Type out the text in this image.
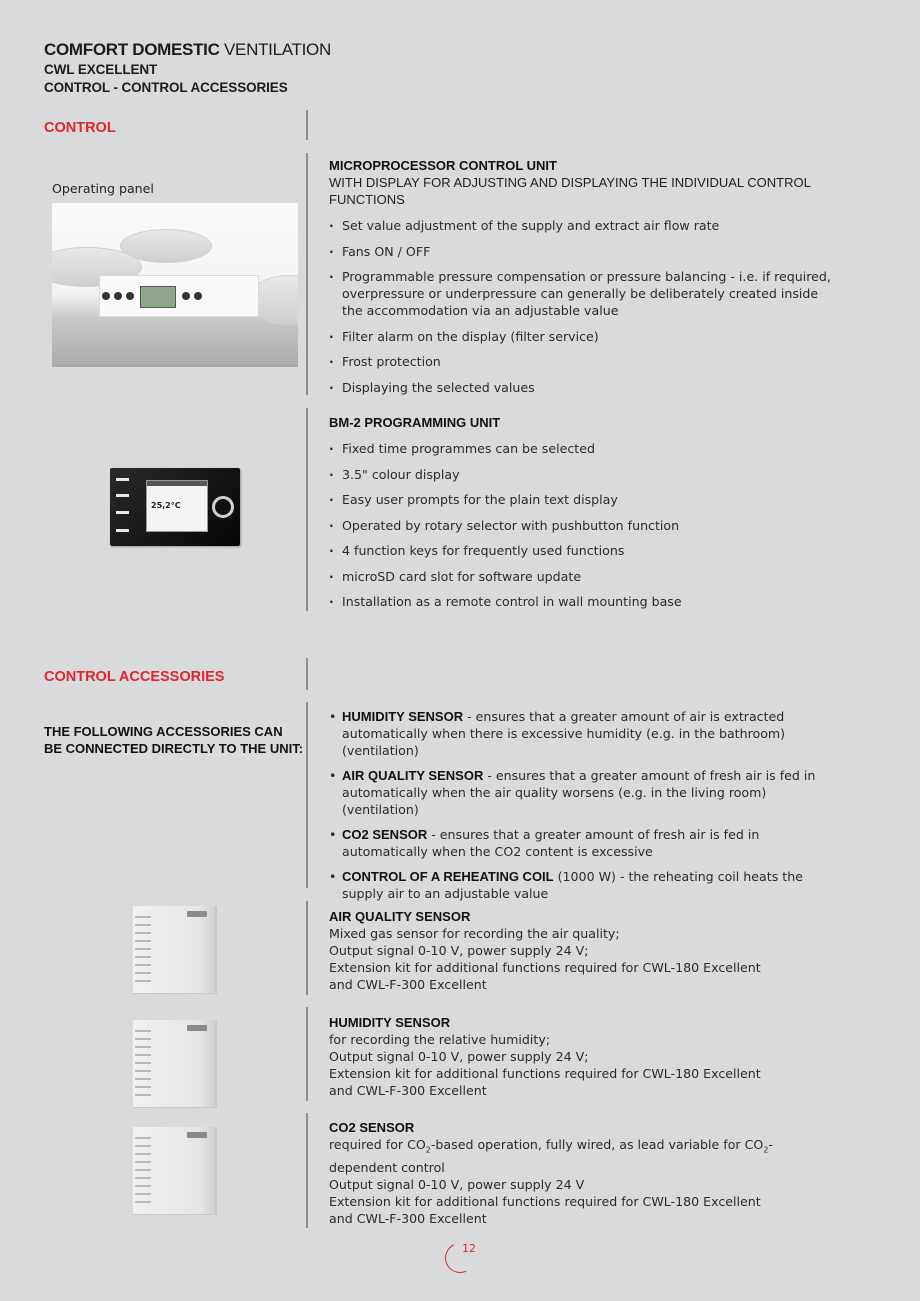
COMFORT DOMESTIC VENTILATION
CWL EXCELLENT
CONTROL - CONTROL ACCESSORIES
CONTROL
Operating panel
MICROPROCESSOR CONTROL UNIT
WITH DISPLAY FOR ADJUSTING AND DISPLAYING THE INDIVIDUAL CONTROL FUNCTIONS
· Set value adjustment of the supply and extract air flow rate
· Fans ON / OFF
· Programmable pressure compensation or pressure balancing - i.e. if required, overpressure or underpressure can generally be deliberately created inside the accommodation via an adjustable value
· Filter alarm on the display (filter service)
· Frost protection
· Displaying the selected values
25,2°C
BM-2 PROGRAMMING UNIT
· Fixed time programmes can be selected
· 3.5" colour display
· Easy user prompts for the plain text display
· Operated by rotary selector with pushbutton function
· 4 function keys for frequently used functions
· microSD card slot for software update
· Installation as a remote control in wall mounting base
CONTROL ACCESSORIES
THE FOLLOWING ACCESSORIES CAN BE CONNECTED DIRECTLY TO THE UNIT:
• HUMIDITY SENSOR - ensures that a greater amount of air is extracted automatically when there is excessive humidity (e.g. in the bathroom) (ventilation)
• AIR QUALITY SENSOR - ensures that a greater amount of fresh air is fed in automatically when the air quality worsens (e.g. in the living room) (ventilation)
• CO2 SENSOR - ensures that a greater amount of fresh air is fed in automatically when the CO2 content is excessive
• CONTROL OF A REHEATING COIL (1000 W) - the reheating coil heats the supply air to an adjustable value
AIR QUALITY SENSOR
Mixed gas sensor for recording the air quality;
Output signal 0-10 V, power supply 24 V;
Extension kit for additional functions required for CWL-180 Excellent and CWL-F-300 Excellent
HUMIDITY SENSOR
for recording the relative humidity;
Output signal 0-10 V, power supply 24 V;
Extension kit for additional functions required for CWL-180 Excellent and CWL-F-300 Excellent
CO2 SENSOR
required for $CO_2$-based operation, fully wired, as lead variable for $CO_2$-dependent control
Output signal 0-10 V, power supply 24 V
Extension kit for additional functions required for CWL-180 Excellent and CWL-F-300 Excellent
12
